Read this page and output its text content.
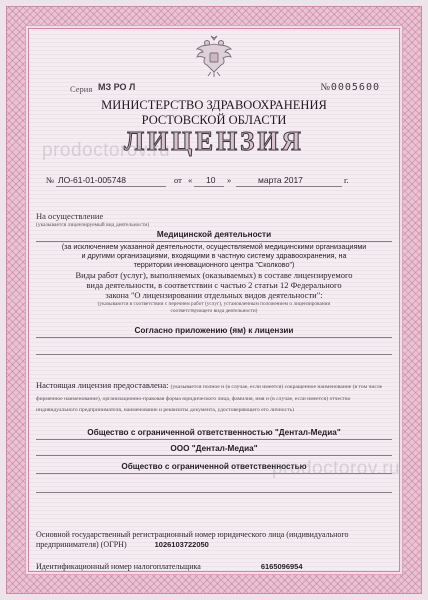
Серия МЗ РО Л	№ 0005600
МИНИСТЕРСТВО ЗДРАВООХРАНЕНИЯ
РОСТОВСКОЙ ОБЛАСТИ
ЛИЦЕНЗИЯ
№ ЛО-61-01-005748	от « 10 »	марта 2017	г.
На осуществление
(указывается лицензируемый вид деятельности)
Медицинской деятельности
(за исключением указанной деятельности, осуществляемой медицинскими организациями
и другими организациями, входящими в частную систему здравоохранения, на
территории инновационного центра "Сколково")
Виды работ (услуг), выполняемых (оказываемых) в составе лицензируемого
вида деятельности, в соответствии с частью 2 статьи 12 Федерального
закона "О лицензировании отдельных видов деятельности":
(указываются в соответствии с перечнем работ (услуг), установленным положением о лицензировании
соответствующего вида деятельности)
Согласно приложению (ям) к лицензии
Настоящая лицензия предоставлена: (указывается полное и (в случае, если имеется) сокращенное наименование (в том числе фирменное наименование), организационно-правовая форма юридического лица, фамилия, имя и (в случае, если имеется) отчество индивидуального предпринимателя, наименование и реквизиты документа, удостоверяющего его личность)
Общество с ограниченной ответственностью "Дентал-Медиа"
ООО "Дентал-Медиа"
Общество с ограниченной ответственностью
Основной государственный регистрационный номер юридического лица (индивидуального
предпринимателя) (ОГРН)	1026103722050
Идентификационный номер налогоплательщика	6165096954
prodoctorov.ru
prodoctorov.ru
